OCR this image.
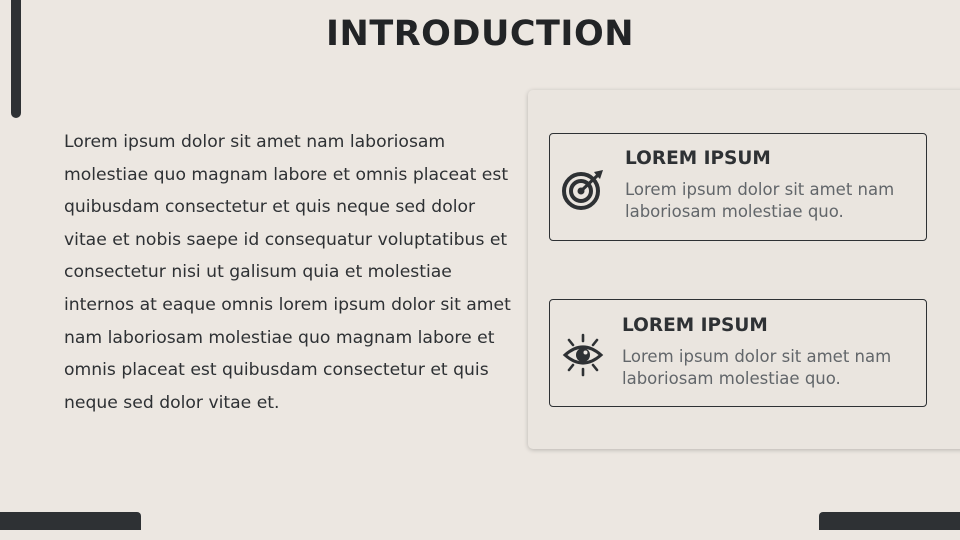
INTRODUCTION

Lorem ipsum dolor sit amet nam laboriosam molestiae quo magnam labore et omnis placeat est quibusdam consectetur et quis neque sed dolor vitae et nobis saepe id consequatur voluptatibus et consectetur nisi ut galisum quia et molestiae internos at eaque omnis lorem ipsum dolor sit amet nam laboriosam molestiae quo magnam labore et omnis placeat est quibusdam consectetur et quis neque sed dolor vitae et.

LOREM IPSUM
Lorem ipsum dolor sit amet nam laboriosam molestiae quo.
LOREM IPSUM
Lorem ipsum dolor sit amet nam laboriosam molestiae quo.
